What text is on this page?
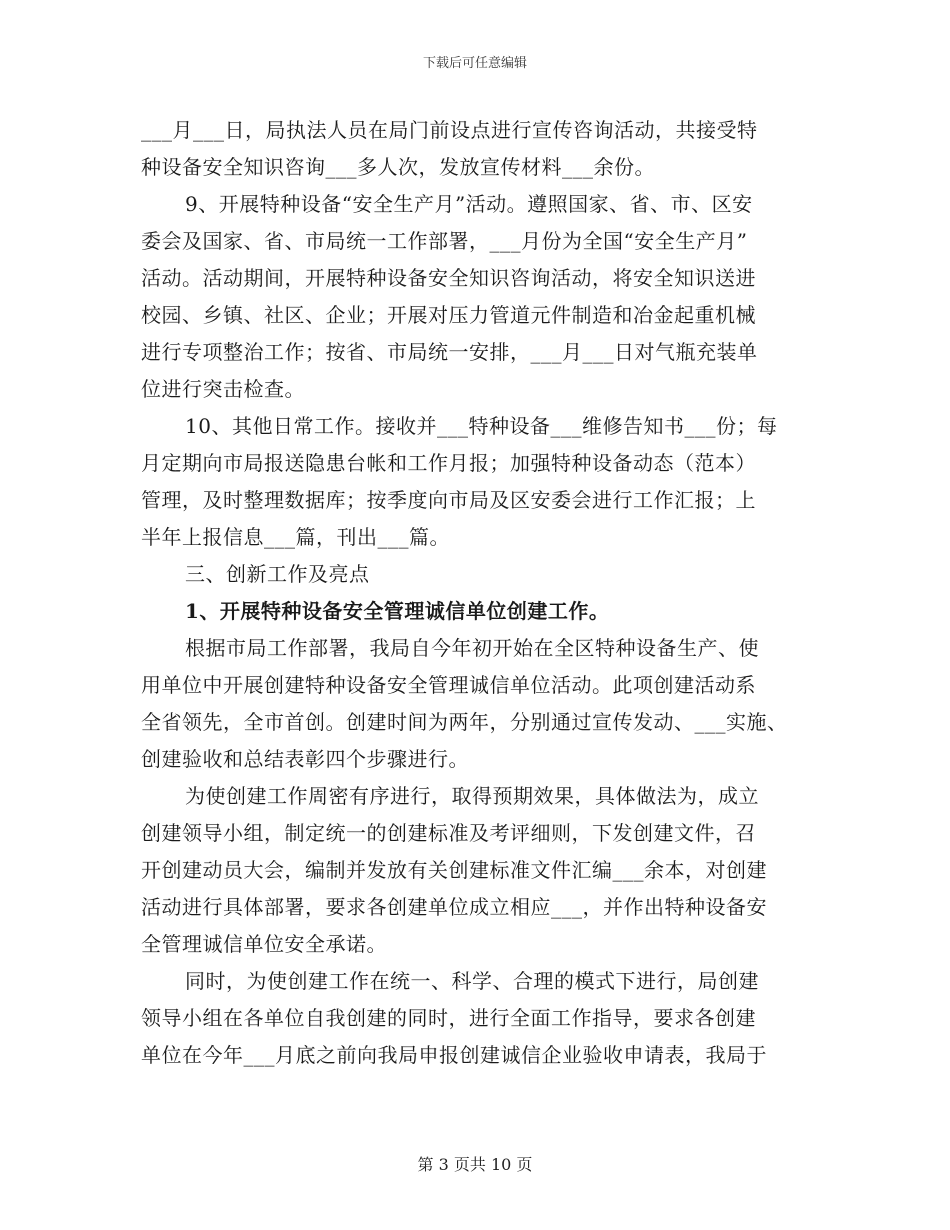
下载后可任意编辑
___月___日，局执法人员在局门前设点进行宣传咨询活动，共接受特
种设备安全知识咨询___多人次，发放宣传材料___余份。
9、开展特种设备“安全生产月”活动。遵照国家、省、市、区安
委会及国家、省、市局统一工作部署，___月份为全国“安全生产月”
活动。活动期间，开展特种设备安全知识咨询活动，将安全知识送进
校园、乡镇、社区、企业；开展对压力管道元件制造和冶金起重机械
进行专项整治工作；按省、市局统一安排，___月___日对气瓶充装单
位进行突击检查。
10、其他日常工作。接收并___特种设备___维修告知书___份；每
月定期向市局报送隐患台帐和工作月报；加强特种设备动态（范本）
管理，及时整理数据库；按季度向市局及区安委会进行工作汇报；上
半年上报信息___篇，刊出___篇。
三、创新工作及亮点
1、开展特种设备安全管理诚信单位创建工作。
根据市局工作部署，我局自今年初开始在全区特种设备生产、使
用单位中开展创建特种设备安全管理诚信单位活动。此项创建活动系
全省领先，全市首创。创建时间为两年，分别通过宣传发动、___实施、
创建验收和总结表彰四个步骤进行。
为使创建工作周密有序进行，取得预期效果，具体做法为，成立
创建领导小组，制定统一的创建标准及考评细则，下发创建文件，召
开创建动员大会，编制并发放有关创建标准文件汇编___余本，对创建
活动进行具体部署，要求各创建单位成立相应___，并作出特种设备安
全管理诚信单位安全承诺。
同时，为使创建工作在统一、科学、合理的模式下进行，局创建
领导小组在各单位自我创建的同时，进行全面工作指导，要求各创建
单位在今年___月底之前向我局申报创建诚信企业验收申请表，我局于
第 3 页共 10 页
